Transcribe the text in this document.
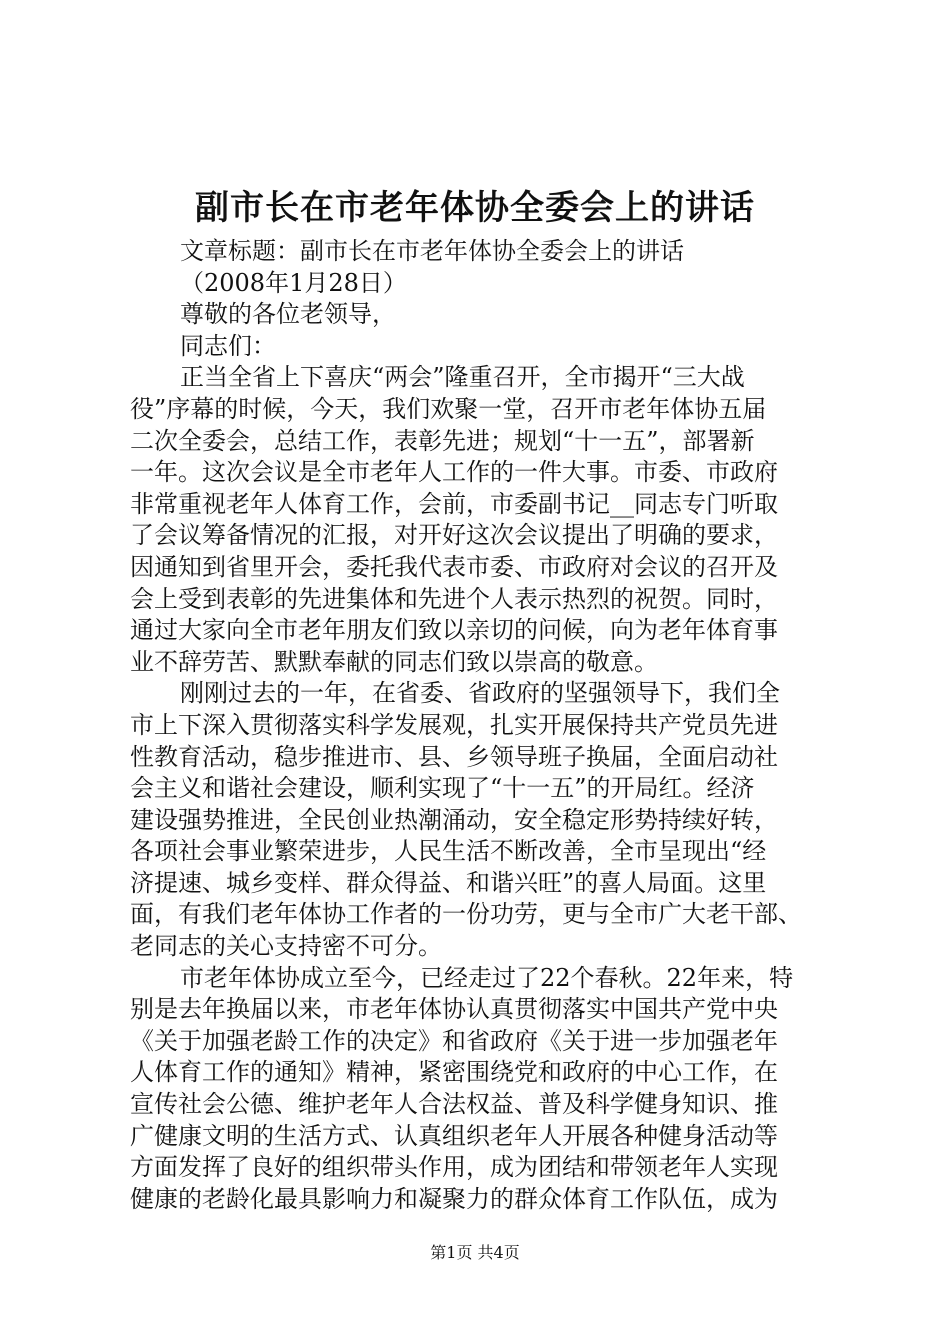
副市长在市老年体协全委会上的讲话
文章标题：副市长在市老年体协全委会上的讲话
（2008年1月28日）
尊敬的各位老领导，
同志们：
正当全省上下喜庆“两会”隆重召开，全市揭开“三大战
役”序幕的时候，今天，我们欢聚一堂，召开市老年体协五届
二次全委会，总结工作，表彰先进；规划“十一五”，部署新
一年。这次会议是全市老年人工作的一件大事。市委、市政府
非常重视老年人体育工作，会前，市委副书记__同志专门听取
了会议筹备情况的汇报，对开好这次会议提出了明确的要求，
因通知到省里开会，委托我代表市委、市政府对会议的召开及
会上受到表彰的先进集体和先进个人表示热烈的祝贺。同时，
通过大家向全市老年朋友们致以亲切的问候，向为老年体育事
业不辞劳苦、默默奉献的同志们致以崇高的敬意。
刚刚过去的一年，在省委、省政府的坚强领导下，我们全
市上下深入贯彻落实科学发展观，扎实开展保持共产党员先进
性教育活动，稳步推进市、县、乡领导班子换届，全面启动社
会主义和谐社会建设，顺利实现了“十一五”的开局红。经济
建设强势推进，全民创业热潮涌动，安全稳定形势持续好转，
各项社会事业繁荣进步，人民生活不断改善，全市呈现出“经
济提速、城乡变样、群众得益、和谐兴旺”的喜人局面。这里
面，有我们老年体协工作者的一份功劳，更与全市广大老干部、
老同志的关心支持密不可分。
市老年体协成立至今，已经走过了22个春秋。22年来，特
别是去年换届以来，市老年体协认真贯彻落实中国共产党中央
《关于加强老龄工作的决定》和省政府《关于进一步加强老年
人体育工作的通知》精神，紧密围绕党和政府的中心工作，在
宣传社会公德、维护老年人合法权益、普及科学健身知识、推
广健康文明的生活方式、认真组织老年人开展各种健身活动等
方面发挥了良好的组织带头作用，成为团结和带领老年人实现
健康的老龄化最具影响力和凝聚力的群众体育工作队伍，成为
第1页 共4页
